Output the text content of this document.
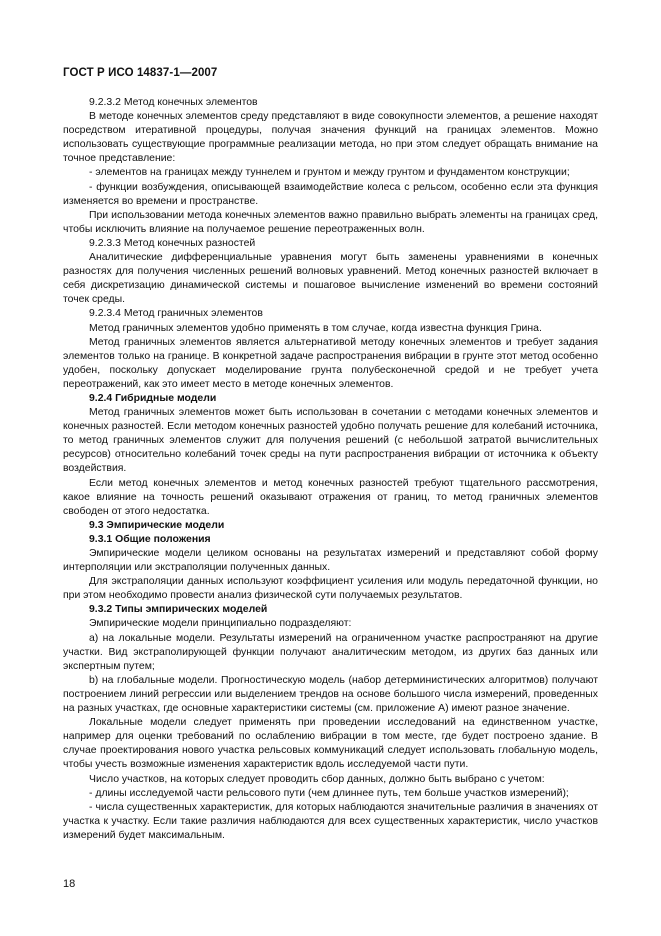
ГОСТ Р ИСО 14837-1—2007

9.2.3.2 Метод конечных элементов

В методе конечных элементов среду представляют в виде совокупности элементов, а решение находят посредством итеративной процедуры, получая значения функций на границах элементов. Можно использовать существующие программные реализации метода, но при этом следует обращать внимание на точное представление:

- элементов на границах между туннелем и грунтом и между грунтом и фундаментом конструкции;

- функции возбуждения, описывающей взаимодействие колеса с рельсом, особенно если эта функция изменяется во времени и пространстве.

При использовании метода конечных элементов важно правильно выбрать элементы на границах сред, чтобы исключить влияние на получаемое решение переотраженных волн.

9.2.3.3 Метод конечных разностей

Аналитические дифференциальные уравнения могут быть заменены уравнениями в конечных разностях для получения численных решений волновых уравнений. Метод конечных разностей включает в себя дискретизацию динамической системы и пошаговое вычисление изменений во времени состояний точек среды.

9.2.3.4 Метод граничных элементов

Метод граничных элементов удобно применять в том случае, когда известна функция Грина.

Метод граничных элементов является альтернативой методу конечных элементов и требует задания элементов только на границе. В конкретной задаче распространения вибрации в грунте этот метод особенно удобен, поскольку допускает моделирование грунта полубесконечной средой и не требует учета переотражений, как это имеет место в методе конечных элементов.

9.2.4 Гибридные модели

Метод граничных элементов может быть использован в сочетании с методами конечных элементов и конечных разностей. Если методом конечных разностей удобно получать решение для колебаний источника, то метод граничных элементов служит для получения решений (с небольшой затратой вычислительных ресурсов) относительно колебаний точек среды на пути распространения вибрации от источника к объекту воздействия.

Если метод конечных элементов и метод конечных разностей требуют тщательного рассмотрения, какое влияние на точность решений оказывают отражения от границ, то метод граничных элементов свободен от этого недостатка.

9.3 Эмпирические модели

9.3.1 Общие положения

Эмпирические модели целиком основаны на результатах измерений и представляют собой форму интерполяции или экстраполяции полученных данных.

Для экстраполяции данных используют коэффициент усиления или модуль передаточной функции, но при этом необходимо провести анализ физической сути получаемых результатов.

9.3.2 Типы эмпирических моделей

Эмпирические модели принципиально подразделяют:

a) на локальные модели. Результаты измерений на ограниченном участке распространяют на другие участки. Вид экстраполирующей функции получают аналитическим методом, из других баз данных или экспертным путем;

b) на глобальные модели. Прогностическую модель (набор детерминистических алгоритмов) получают построением линий регрессии или выделением трендов на основе большого числа измерений, проведенных на разных участках, где основные характеристики системы (см. приложение А) имеют разное значение.

Локальные модели следует применять при проведении исследований на единственном участке, например для оценки требований по ослаблению вибрации в том месте, где будет построено здание. В случае проектирования нового участка рельсовых коммуникаций следует использовать глобальную модель, чтобы учесть возможные изменения характеристик вдоль исследуемой части пути.

Число участков, на которых следует проводить сбор данных, должно быть выбрано с учетом:

- длины исследуемой части рельсового пути (чем длиннее путь, тем больше участков измерений);

- числа существенных характеристик, для которых наблюдаются значительные различия в значениях от участка к участку. Если такие различия наблюдаются для всех существенных характеристик, число участков измерений будет максимальным.

18
